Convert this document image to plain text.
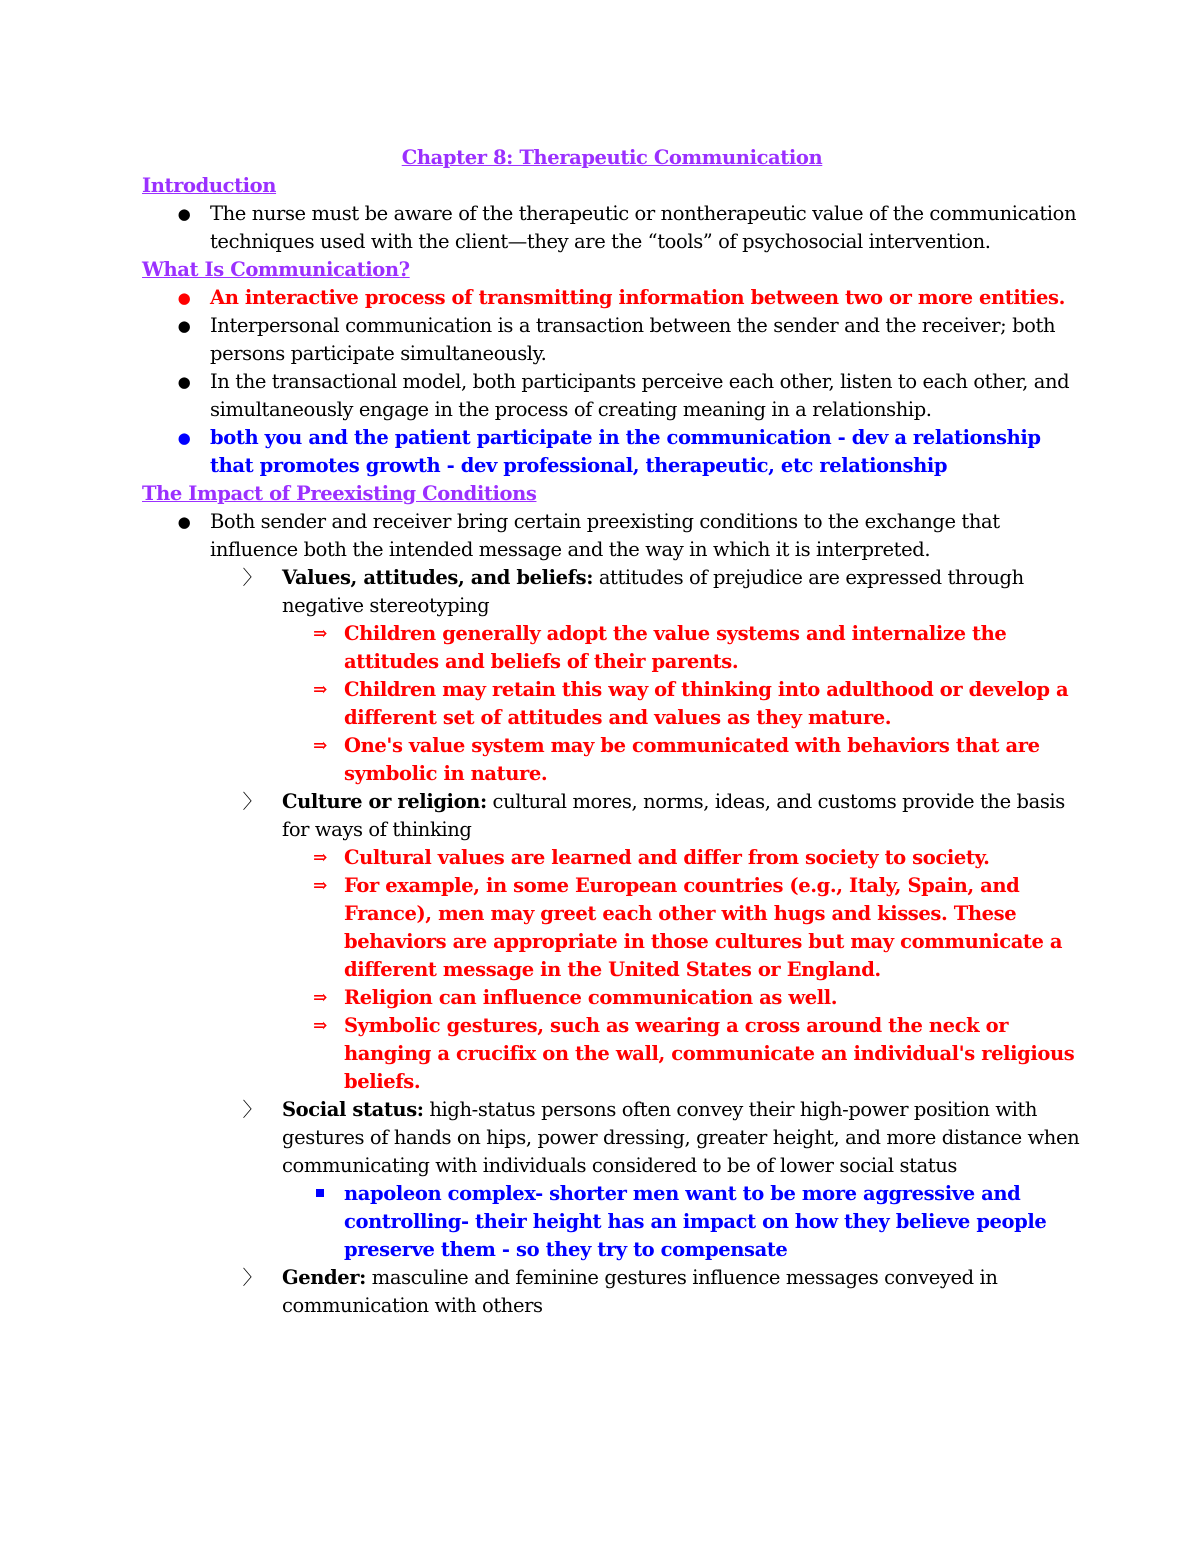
Chapter 8: Therapeutic Communication

Introduction

● The nurse must be aware of the therapeutic or nontherapeutic value of the communication techniques used with the client—they are the “tools” of psychosocial intervention.

What Is Communication?

● An interactive process of transmitting information between two or more entities.
● Interpersonal communication is a transaction between the sender and the receiver; both persons participate simultaneously.
● In the transactional model, both participants perceive each other, listen to each other, and simultaneously engage in the process of creating meaning in a relationship.
● both you and the patient participate in the communication - dev a relationship that promotes growth - dev professional, therapeutic, etc relationship

The Impact of Preexisting Conditions

● Both sender and receiver bring certain preexisting conditions to the exchange that influence both the intended message and the way in which it is interpreted.
〉 Values, attitudes, and beliefs: attitudes of prejudice are expressed through negative stereotyping
⇒ Children generally adopt the value systems and internalize the attitudes and beliefs of their parents.
⇒ Children may retain this way of thinking into adulthood or develop a different set of attitudes and values as they mature.
⇒ One's value system may be communicated with behaviors that are symbolic in nature.
〉 Culture or religion: cultural mores, norms, ideas, and customs provide the basis for ways of thinking
⇒ Cultural values are learned and differ from society to society.
⇒ For example, in some European countries (e.g., Italy, Spain, and France), men may greet each other with hugs and kisses. These behaviors are appropriate in those cultures but may communicate a different message in the United States or England.
⇒ Religion can influence communication as well.
⇒ Symbolic gestures, such as wearing a cross around the neck or hanging a crucifix on the wall, communicate an individual's religious beliefs.
〉 Social status: high-status persons often convey their high-power position with gestures of hands on hips, power dressing, greater height, and more distance when communicating with individuals considered to be of lower social status
napoleon complex- shorter men want to be more aggressive and controlling- their height has an impact on how they believe people preserve them - so they try to compensate
〉 Gender: masculine and feminine gestures influence messages conveyed in communication with others
